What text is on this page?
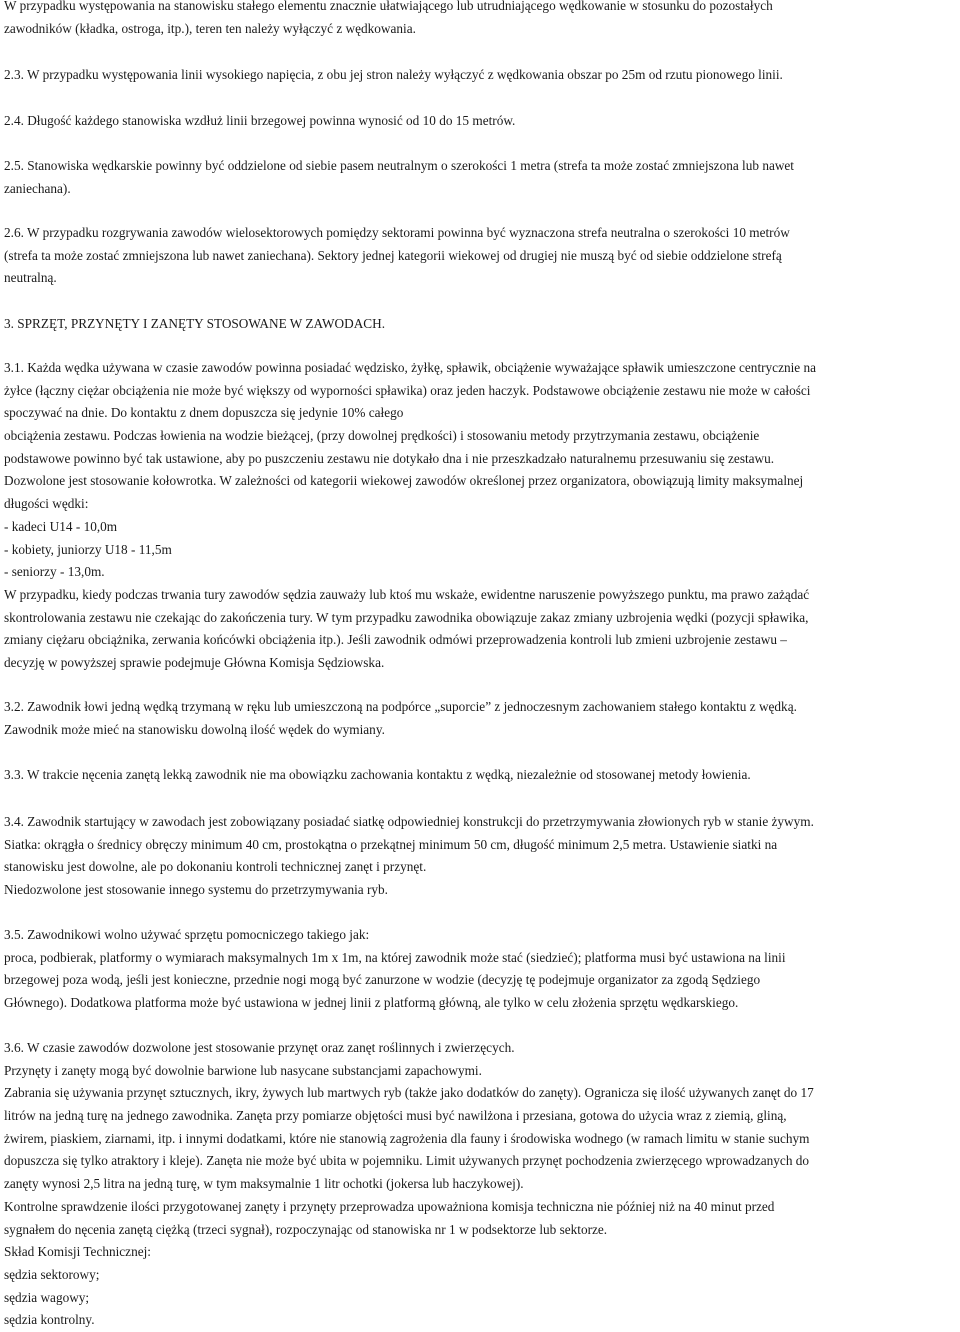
W przypadku występowania na stanowisku stałego elementu znacznie ułatwiającego lub utrudniającego wędkowanie w stosunku do pozostałych
zawodników (kładka, ostroga, itp.), teren ten należy wyłączyć z wędkowania.
2.3. W przypadku występowania linii wysokiego napięcia, z obu jej stron należy wyłączyć z wędkowania obszar po 25m od rzutu pionowego linii.
2.4. Długość każdego stanowiska wzdłuż linii brzegowej powinna wynosić od 10 do 15 metrów.
2.5. Stanowiska wędkarskie powinny być oddzielone od siebie pasem neutralnym o szerokości 1 metra (strefa ta może zostać zmniejszona lub nawet
zaniechana).
2.6. W przypadku rozgrywania zawodów wielosektorowych pomiędzy sektorami powinna być wyznaczona strefa neutralna o szerokości 10 metrów
(strefa ta może zostać zmniejszona lub nawet zaniechana). Sektory jednej kategorii wiekowej od drugiej nie muszą być od siebie oddzielone strefą
neutralną.
3. SPRZĘT, PRZYNĘTY I ZANĘTY STOSOWANE W ZAWODACH.
3.1. Każda wędka używana w czasie zawodów powinna posiadać wędzisko, żyłkę, spławik, obciążenie wyważające spławik umieszczone centrycznie na
żyłce (łączny ciężar obciążenia nie może być większy od wyporności spławika) oraz jeden haczyk. Podstawowe obciążenie zestawu nie może w całości
spoczywać na dnie. Do kontaktu z dnem dopuszcza się jedynie 10% całego
obciążenia zestawu. Podczas łowienia na wodzie bieżącej, (przy dowolnej prędkości) i stosowaniu metody przytrzymania zestawu, obciążenie
podstawowe powinno być tak ustawione, aby po puszczeniu zestawu nie dotykało dna i nie przeszkadzało naturalnemu przesuwaniu się zestawu.
Dozwolone jest stosowanie kołowrotka. W zależności od kategorii wiekowej zawodów określonej przez organizatora, obowiązują limity maksymalnej
długości wędki:
- kadeci U14 - 10,0m
- kobiety, juniorzy U18 - 11,5m
- seniorzy - 13,0m.
W przypadku, kiedy podczas trwania tury zawodów sędzia zauważy lub ktoś mu wskaże, ewidentne naruszenie powyższego punktu, ma prawo zażądać
skontrolowania zestawu nie czekając do zakończenia tury. W tym przypadku zawodnika obowiązuje zakaz zmiany uzbrojenia wędki (pozycji spławika,
zmiany ciężaru obciążnika, zerwania końcówki obciążenia itp.). Jeśli zawodnik odmówi przeprowadzenia kontroli lub zmieni uzbrojenie zestawu –
decyzję w powyższej sprawie podejmuje Główna Komisja Sędziowska.
3.2. Zawodnik łowi jedną wędką trzymaną w ręku lub umieszczoną na podpórce „suporcie” z jednoczesnym zachowaniem stałego kontaktu z wędką.
Zawodnik może mieć na stanowisku dowolną ilość wędek do wymiany.
3.3. W trakcie nęcenia zanętą lekką zawodnik nie ma obowiązku zachowania kontaktu z wędką, niezależnie od stosowanej metody łowienia.
3.4. Zawodnik startujący w zawodach jest zobowiązany posiadać siatkę odpowiedniej konstrukcji do przetrzymywania złowionych ryb w stanie żywym.
Siatka: okrągła o średnicy obręczy minimum 40 cm, prostokątna o przekątnej minimum 50 cm, długość minimum 2,5 metra. Ustawienie siatki na
stanowisku jest dowolne, ale po dokonaniu kontroli technicznej zanęt i przynęt.
Niedozwolone jest stosowanie innego systemu do przetrzymywania ryb.
3.5. Zawodnikowi wolno używać sprzętu pomocniczego takiego jak:
proca, podbierak, platformy o wymiarach maksymalnych 1m x 1m, na której zawodnik może stać (siedzieć); platforma musi być ustawiona na linii
brzegowej poza wodą, jeśli jest konieczne, przednie nogi mogą być zanurzone w wodzie (decyzję tę podejmuje organizator za zgodą Sędziego
Głównego). Dodatkowa platforma może być ustawiona w jednej linii z platformą główną, ale tylko w celu złożenia sprzętu wędkarskiego.
3.6. W czasie zawodów dozwolone jest stosowanie przynęt oraz zanęt roślinnych i zwierzęcych.
Przynęty i zanęty mogą być dowolnie barwione lub nasycane substancjami zapachowymi.
Zabrania się używania przynęt sztucznych, ikry, żywych lub martwych ryb (także jako dodatków do zanęty). Ogranicza się ilość używanych zanęt do 17
litrów na jedną turę na jednego zawodnika. Zanęta przy pomiarze objętości musi być nawilżona i przesiana, gotowa do użycia wraz z ziemią, gliną,
żwirem, piaskiem, ziarnami, itp. i innymi dodatkami, które nie stanowią zagrożenia dla fauny i środowiska wodnego (w ramach limitu w stanie suchym
dopuszcza się tylko atraktory i kleje). Zanęta nie może być ubita w pojemniku. Limit używanych przynęt pochodzenia zwierzęcego wprowadzanych do
zanęty wynosi 2,5 litra na jedną turę, w tym maksymalnie 1 litr ochotki (jokersa lub haczykowej).
Kontrolne sprawdzenie ilości przygotowanej zanęty i przynęty przeprowadza upoważniona komisja techniczna nie później niż na 40 minut przed
sygnałem do nęcenia zanętą ciężką (trzeci sygnał), rozpoczynając od stanowiska nr 1 w podsektorze lub sektorze.
Skład Komisji Technicznej:
sędzia sektorowy;
sędzia wagowy;
sędzia kontrolny.
